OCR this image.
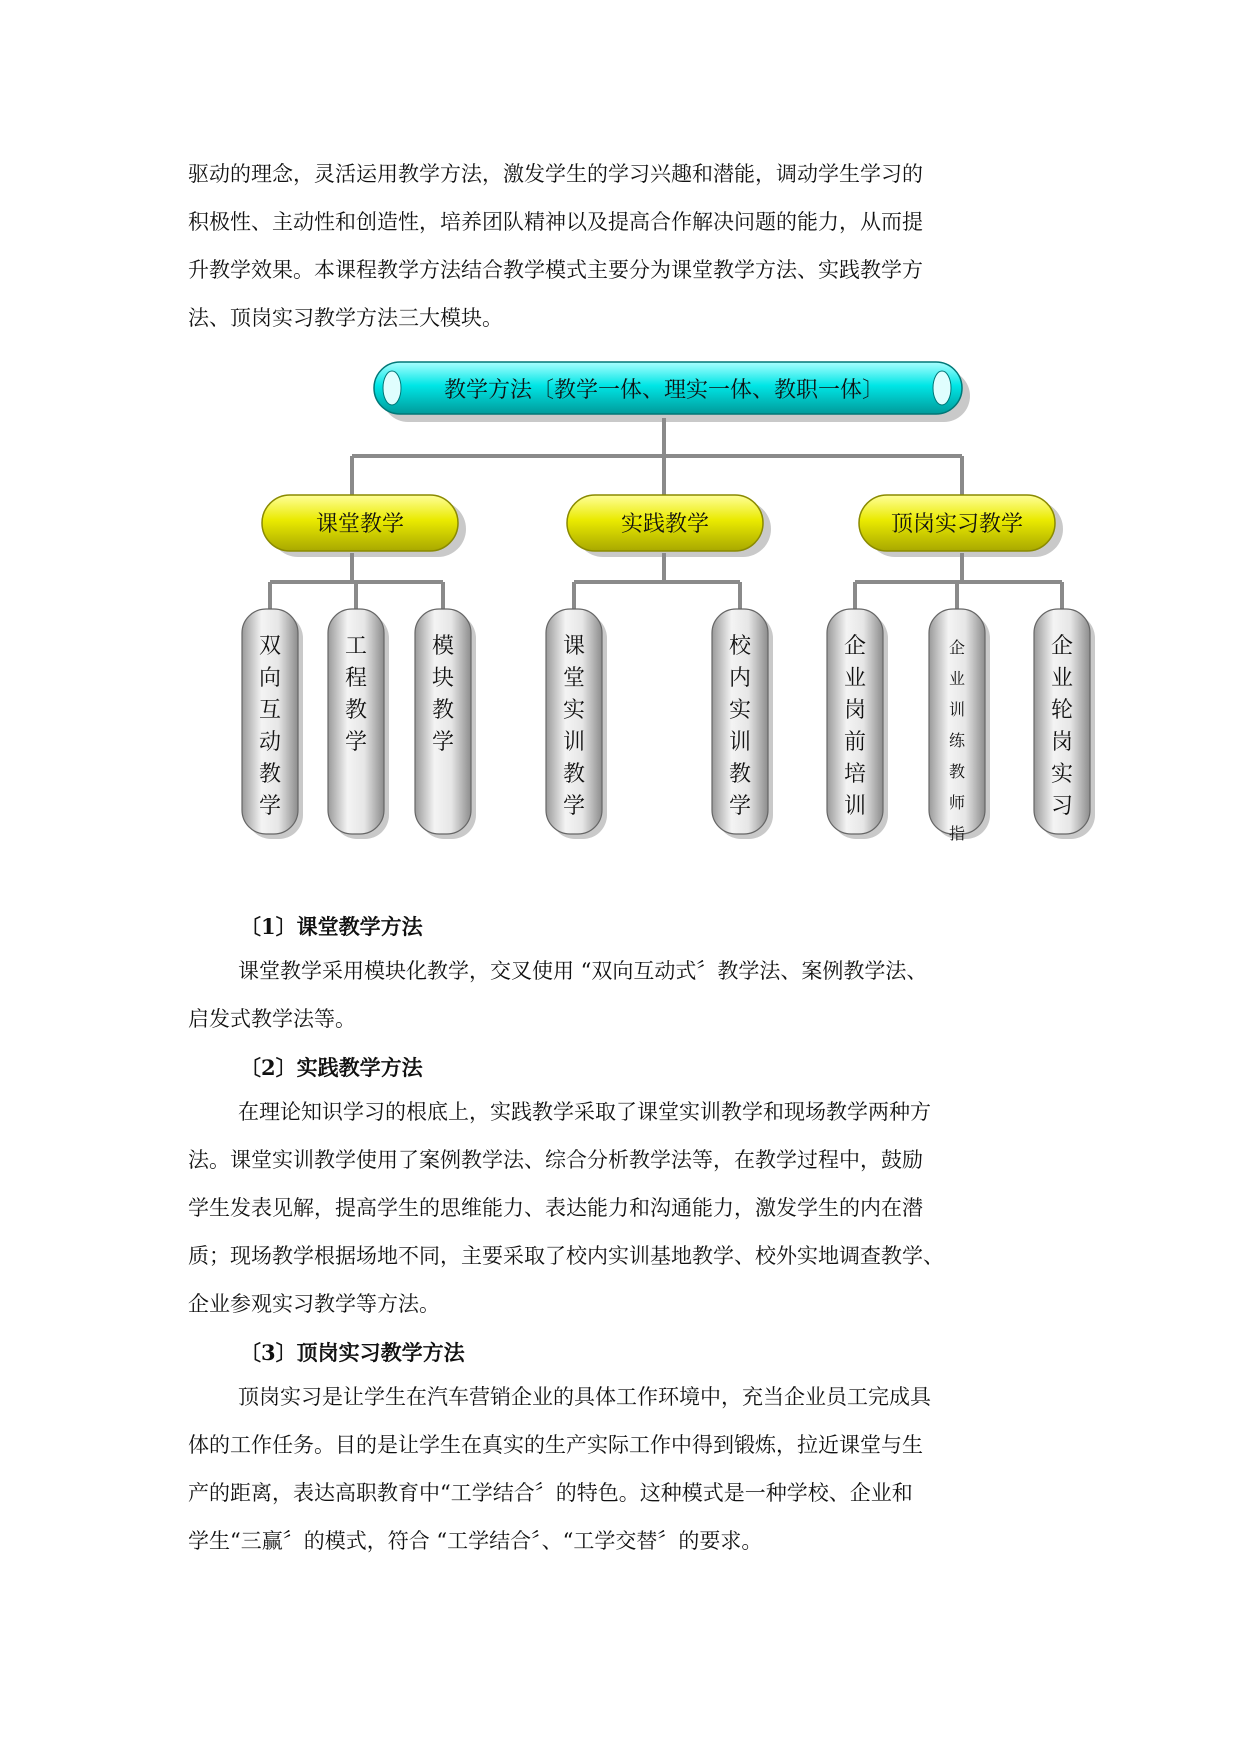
驱动的理念，灵活运用教学方法，激发学生的学习兴趣和潜能，调动学生学习的
积极性、主动性和创造性，培养团队精神以及提高合作解决问题的能力，从而提
升教学效果。本课程教学方法结合教学模式主要分为课堂教学方法、实践教学方
法、顶岗实习教学方法三大模块。
教学方法〔教学一体、理实一体、教职一体〕
课堂教学	实践教学	顶岗实习教学
双向互动教学
工程教学
模块教学
课堂实训教学
校内实训教学
企业岗前培训
企业训练教师指
企业轮岗实习
〔1〕课堂教学方法
课堂教学采用模块化教学，交叉使用 “双向互动式〞教学法、案例教学法、
启发式教学法等。
〔2〕实践教学方法
在理论知识学习的根底上，实践教学采取了课堂实训教学和现场教学两种方
法。课堂实训教学使用了案例教学法、综合分析教学法等，在教学过程中，鼓励
学生发表见解，提高学生的思维能力、表达能力和沟通能力，激发学生的内在潜
质；现场教学根据场地不同，主要采取了校内实训基地教学、校外实地调查教学、
企业参观实习教学等方法。
〔3〕顶岗实习教学方法
顶岗实习是让学生在汽车营销企业的具体工作环境中，充当企业员工完成具
体的工作任务。目的是让学生在真实的生产实际工作中得到锻炼，拉近课堂与生
产的距离，表达高职教育中“工学结合〞的特色。这种模式是一种学校、企业和
学生“三赢〞的模式，符合 “工学结合〞、“工学交替〞的要求。
